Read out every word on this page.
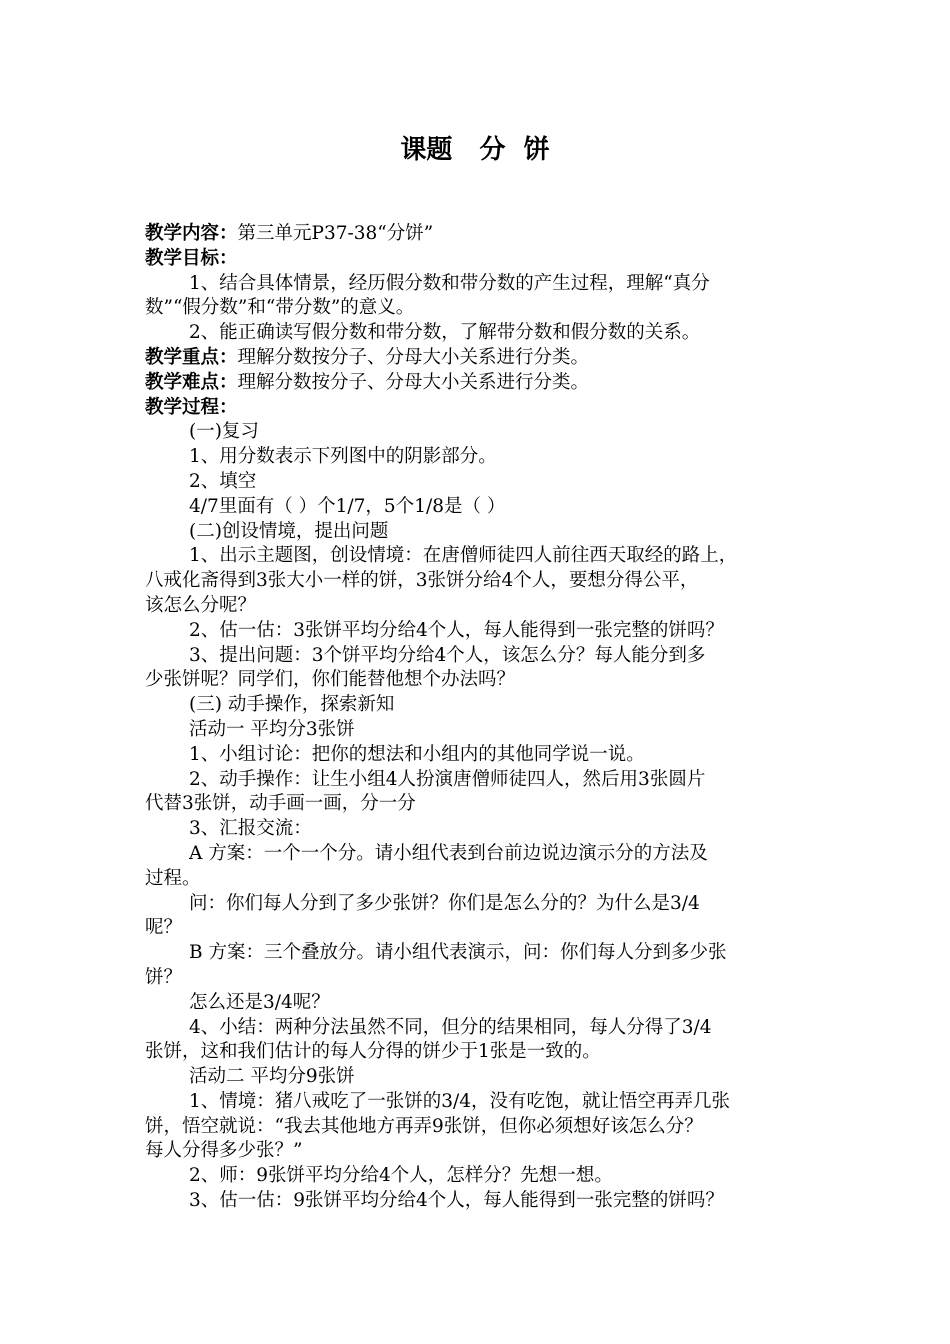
课题   分  饼
教学内容：第三单元P37-38“分饼”
教学目标：
1、结合具体情景，经历假分数和带分数的产生过程，理解“真分
数”“假分数”和“带分数”的意义。
2、能正确读写假分数和带分数，了解带分数和假分数的关系。
教学重点：理解分数按分子、分母大小关系进行分类。
教学难点：理解分数按分子、分母大小关系进行分类。
教学过程：
(一)复习
1、用分数表示下列图中的阴影部分。
2、填空
4/7里面有（ ）个1/7，5个1/8是（ ）
(二)创设情境，提出问题
1、出示主题图，创设情境：在唐僧师徒四人前往西天取经的路上，
八戒化斋得到3张大小一样的饼，3张饼分给4个人，要想分得公平，
该怎么分呢？
2、估一估：3张饼平均分给4个人，每人能得到一张完整的饼吗？
3、提出问题：3个饼平均分给4个人，该怎么分？每人能分到多
少张饼呢？同学们，你们能替他想个办法吗？
(三) 动手操作，探索新知
活动一 平均分3张饼
1、小组讨论：把你的想法和小组内的其他同学说一说。
2、动手操作：让生小组4人扮演唐僧师徒四人，然后用3张圆片
代替3张饼，动手画一画，分一分
3、汇报交流：
A 方案：一个一个分。请小组代表到台前边说边演示分的方法及
过程。
问：你们每人分到了多少张饼？你们是怎么分的？为什么是3/4
呢？
B 方案：三个叠放分。请小组代表演示，问：你们每人分到多少张
饼？
怎么还是3/4呢？
4、小结：两种分法虽然不同，但分的结果相同，每人分得了3/4
张饼，这和我们估计的每人分得的饼少于1张是一致的。
活动二 平均分9张饼
1、情境：猪八戒吃了一张饼的3/4，没有吃饱，就让悟空再弄几张
饼，悟空就说：“我去其他地方再弄9张饼，但你必须想好该怎么分？
每人分得多少张？”
2、师：9张饼平均分给4个人，怎样分？先想一想。
3、估一估：9张饼平均分给4个人，每人能得到一张完整的饼吗？
